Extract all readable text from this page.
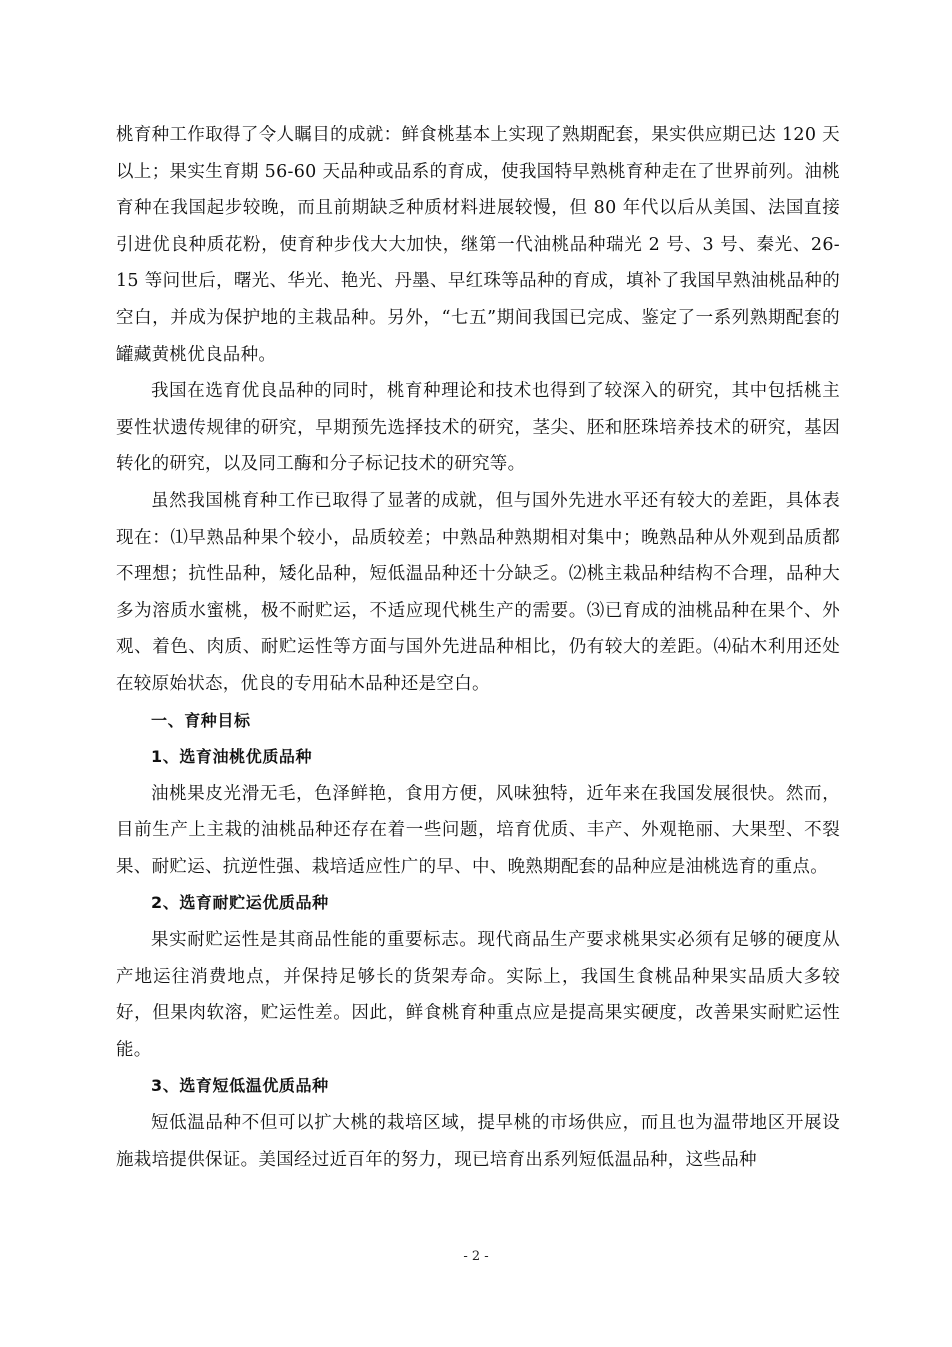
桃育种工作取得了令人瞩目的成就：鲜食桃基本上实现了熟期配套，果实供应期已达 120 天以上；果实生育期 56-60 天品种或品系的育成，使我国特早熟桃育种走在了世界前列。油桃育种在我国起步较晚，而且前期缺乏种质材料进展较慢，但 80 年代以后从美国、法国直接引进优良种质花粉，使育种步伐大大加快，继第一代油桃品种瑞光 2 号、3 号、秦光、26-15 等问世后，曙光、华光、艳光、丹墨、早红珠等品种的育成，填补了我国早熟油桃品种的空白，并成为保护地的主栽品种。另外，“七五”期间我国已完成、鉴定了一系列熟期配套的罐藏黄桃优良品种。

我国在选育优良品种的同时，桃育种理论和技术也得到了较深入的研究，其中包括桃主要性状遗传规律的研究，早期预先选择技术的研究，茎尖、胚和胚珠培养技术的研究，基因转化的研究，以及同工酶和分子标记技术的研究等。

虽然我国桃育种工作已取得了显著的成就，但与国外先进水平还有较大的差距，具体表现在：⑴早熟品种果个较小，品质较差；中熟品种熟期相对集中；晚熟品种从外观到品质都不理想；抗性品种，矮化品种，短低温品种还十分缺乏。⑵桃主栽品种结构不合理，品种大多为溶质水蜜桃，极不耐贮运，不适应现代桃生产的需要。⑶已育成的油桃品种在果个、外观、着色、肉质、耐贮运性等方面与国外先进品种相比，仍有较大的差距。⑷砧木利用还处在较原始状态，优良的专用砧木品种还是空白。

一、育种目标

1、选育油桃优质品种

油桃果皮光滑无毛，色泽鲜艳，食用方便，风味独特，近年来在我国发展很快。然而，目前生产上主栽的油桃品种还存在着一些问题，培育优质、丰产、外观艳丽、大果型、不裂果、耐贮运、抗逆性强、栽培适应性广的早、中、晚熟期配套的品种应是油桃选育的重点。

2、选育耐贮运优质品种

果实耐贮运性是其商品性能的重要标志。现代商品生产要求桃果实必须有足够的硬度从产地运往消费地点，并保持足够长的货架寿命。实际上，我国生食桃品种果实品质大多较好，但果肉软溶，贮运性差。因此，鲜食桃育种重点应是提高果实硬度，改善果实耐贮运性能。

3、选育短低温优质品种

短低温品种不但可以扩大桃的栽培区域，提早桃的市场供应，而且也为温带地区开展设施栽培提供保证。美国经过近百年的努力，现已培育出系列短低温品种，这些品种

- 2 -
